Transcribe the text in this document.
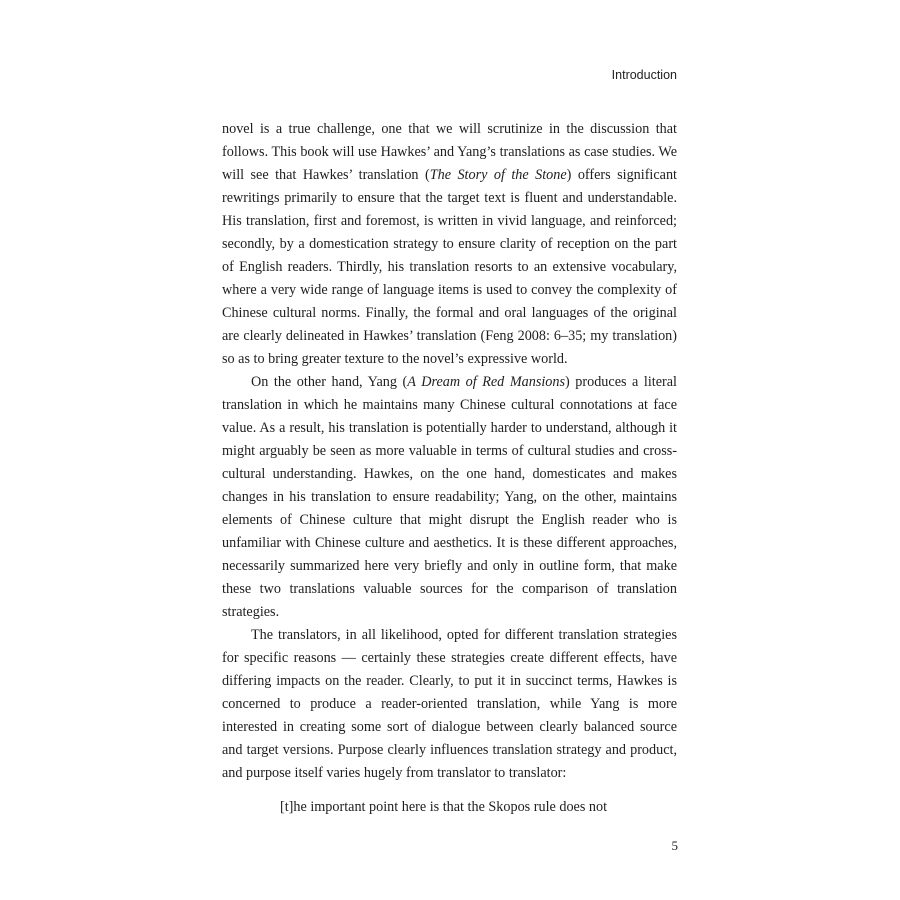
Introduction

novel is a true challenge, one that we will scrutinize in the discussion that follows. This book will use Hawkes’ and Yang’s translations as case studies. We will see that Hawkes’ translation (The Story of the Stone) offers significant rewritings primarily to ensure that the target text is fluent and understandable. His translation, first and foremost, is written in vivid language, and reinforced; secondly, by a domestication strategy to ensure clarity of reception on the part of English readers. Thirdly, his translation resorts to an extensive vocabulary, where a very wide range of language items is used to convey the complexity of Chinese cultural norms. Finally, the formal and oral languages of the original are clearly delineated in Hawkes’ translation (Feng 2008: 6–35; my translation) so as to bring greater texture to the novel’s expressive world.

On the other hand, Yang (A Dream of Red Mansions) produces a literal translation in which he maintains many Chinese cultural connotations at face value. As a result, his translation is potentially harder to understand, although it might arguably be seen as more valuable in terms of cultural studies and cross-cultural understanding. Hawkes, on the one hand, domesticates and makes changes in his translation to ensure readability; Yang, on the other, maintains elements of Chinese culture that might disrupt the English reader who is unfamiliar with Chinese culture and aesthetics. It is these different approaches, necessarily summarized here very briefly and only in outline form, that make these two translations valuable sources for the comparison of translation strategies.

The translators, in all likelihood, opted for different translation strategies for specific reasons — certainly these strategies create different effects, have differing impacts on the reader. Clearly, to put it in succinct terms, Hawkes is concerned to produce a reader-oriented translation, while Yang is more interested in creating some sort of dialogue between clearly balanced source and target versions. Purpose clearly influences translation strategy and product, and purpose itself varies hugely from translator to translator:

[t]he important point here is that the Skopos rule does not
5
